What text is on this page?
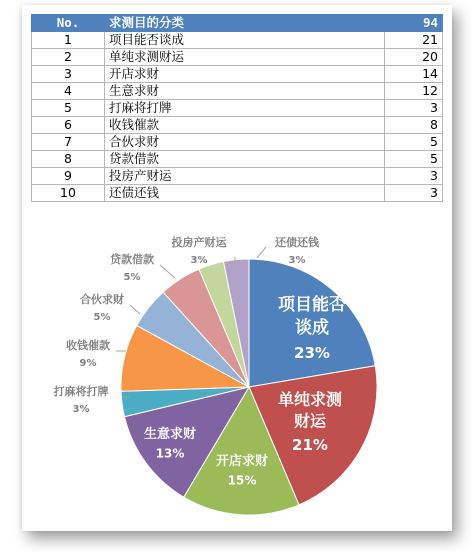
No.	求测目的分类	94
1	项目能否谈成	21
2	单纯求测财运	20
3	开店求财	14
4	生意求财	12
5	打麻将打牌	3
6	收钱催款	8
7	合伙求财	5
8	贷款借款	5
9	投房产财运	3
10	还债还钱	3
项目能否
谈成
23%
单纯求测
财运
21%
开店求财
15%
生意求财
13%
打麻将打牌
3%
收钱催款
9%
合伙求财
5%
贷款借款
5%
投房产财运
3%
还债还钱
3%
